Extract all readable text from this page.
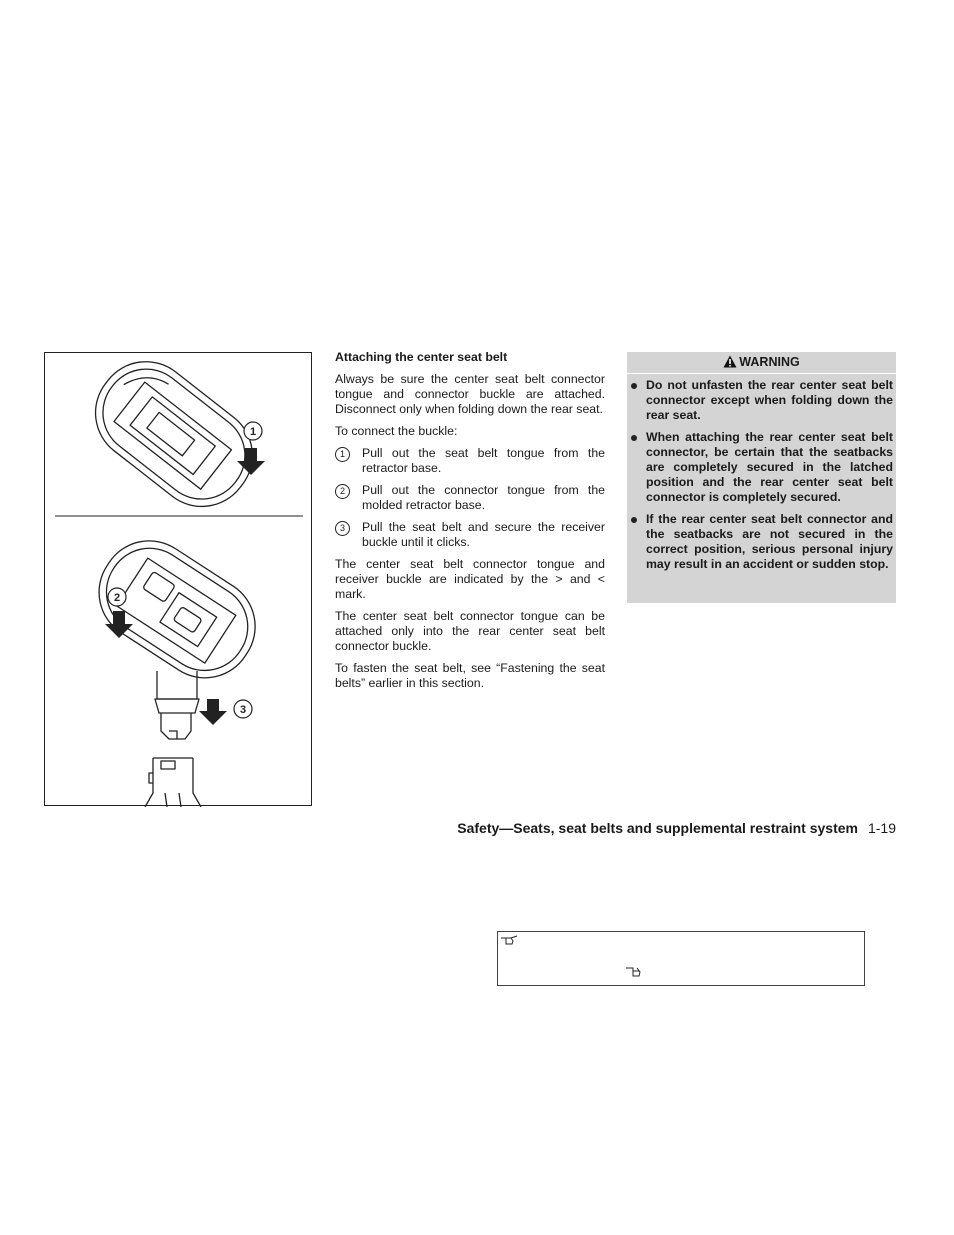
1
2
3
Attaching the center seat belt

Always be sure the center seat belt connector tongue and connector buckle are attached. Disconnect only when folding down the rear seat.

To connect the buckle:

1	Pull out the seat belt tongue from the retractor base.
2	Pull out the connector tongue from the molded retractor base.
3	Pull the seat belt and secure the receiver buckle until it clicks.

The center seat belt connector tongue and receiver buckle are indicated by the > and < mark.

The center seat belt connector tongue can be attached only into the rear center seat belt connector buckle.

To fasten the seat belt, see “Fastening the seat belts” earlier in this section.

WARNING
Do not unfasten the rear center seat belt connector except when folding down the rear seat.
When attaching the rear center seat belt connector, be certain that the seatbacks are completely secured in the latched position and the rear center seat belt connector is completely secured.
If the rear center seat belt connector and the seatbacks are not secured in the correct position, serious personal injury may result in an accident or sudden stop.
Safety—Seats, seat belts and supplemental restraint system 1-19
